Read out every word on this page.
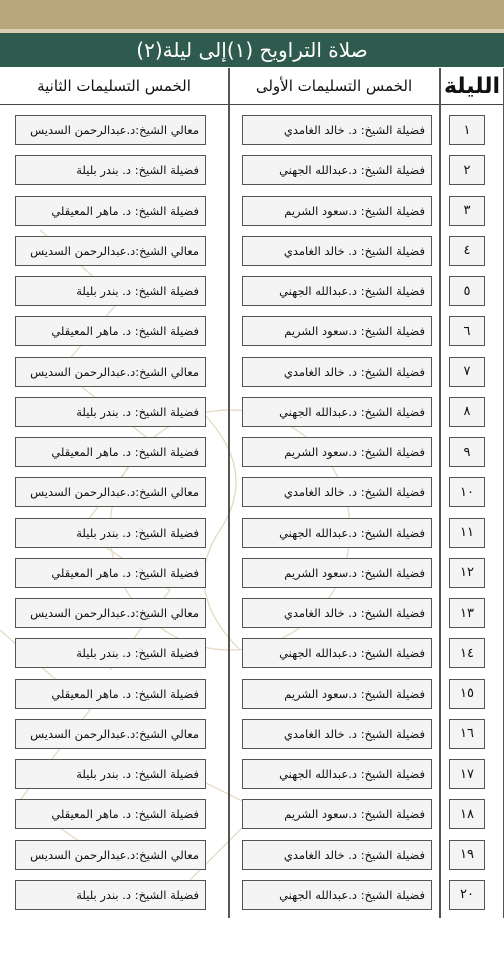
صلاة التراويح (١)إلى ليلة(٢)
الليلة
الخمس التسليمات الأولى
الخمس التسليمات الثانية
١
فضيلة الشيخ: د. خالد الغامدي
معالي الشيخ:د.عبدالرحمن السديس
٢
فضيلة الشيخ: د.عبدالله الجهني
فضيلة الشيخ: د. بندر بليلة
٣
فضيلة الشيخ: د.سعود الشريم
فضيلة الشيخ: د. ماهر المعيقلي
٤
فضيلة الشيخ: د. خالد الغامدي
معالي الشيخ:د.عبدالرحمن السديس
٥
فضيلة الشيخ: د.عبدالله الجهني
فضيلة الشيخ: د. بندر بليلة
٦
فضيلة الشيخ: د.سعود الشريم
فضيلة الشيخ: د. ماهر المعيقلي
٧
فضيلة الشيخ: د. خالد الغامدي
معالي الشيخ:د.عبدالرحمن السديس
٨
فضيلة الشيخ: د.عبدالله الجهني
فضيلة الشيخ: د. بندر بليلة
٩
فضيلة الشيخ: د.سعود الشريم
فضيلة الشيخ: د. ماهر المعيقلي
١٠
فضيلة الشيخ: د. خالد الغامدي
معالي الشيخ:د.عبدالرحمن السديس
١١
فضيلة الشيخ: د.عبدالله الجهني
فضيلة الشيخ: د. بندر بليلة
١٢
فضيلة الشيخ: د.سعود الشريم
فضيلة الشيخ: د. ماهر المعيقلي
١٣
فضيلة الشيخ: د. خالد الغامدي
معالي الشيخ:د.عبدالرحمن السديس
١٤
فضيلة الشيخ: د.عبدالله الجهني
فضيلة الشيخ: د. بندر بليلة
١٥
فضيلة الشيخ: د.سعود الشريم
فضيلة الشيخ: د. ماهر المعيقلي
١٦
فضيلة الشيخ: د. خالد الغامدي
معالي الشيخ:د.عبدالرحمن السديس
١٧
فضيلة الشيخ: د.عبدالله الجهني
فضيلة الشيخ: د. بندر بليلة
١٨
فضيلة الشيخ: د.سعود الشريم
فضيلة الشيخ: د. ماهر المعيقلي
١٩
فضيلة الشيخ: د. خالد الغامدي
معالي الشيخ:د.عبدالرحمن السديس
٢٠
فضيلة الشيخ: د.عبدالله الجهني
فضيلة الشيخ: د. بندر بليلة
